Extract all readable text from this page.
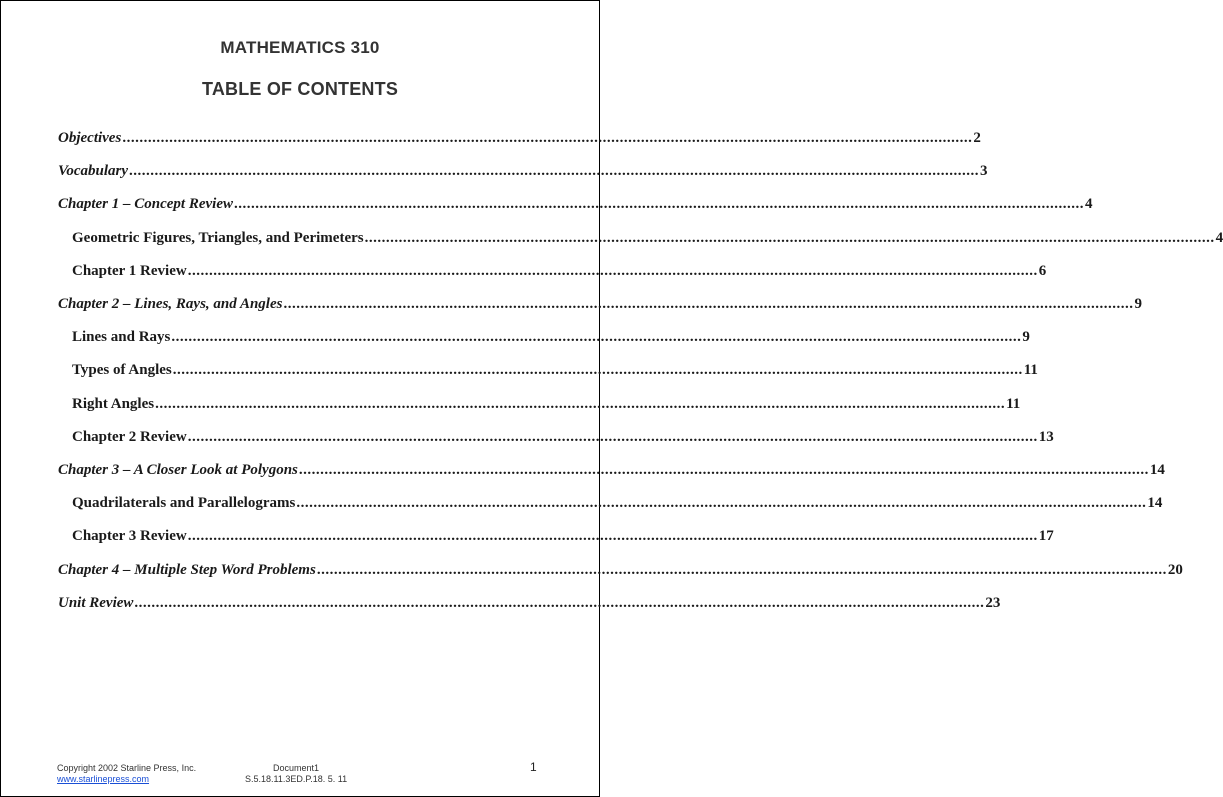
MATHEMATICS 310
TABLE OF CONTENTS
Objectives ........................................................................................................................................................................................................ 2
Vocabulary ........................................................................................................................................................................................................ 3
Chapter 1 – Concept Review ........................................................................................................................................................................................................ 4
Geometric Figures, Triangles, and Perimeters ........................................................................................................................................................................................................ 4
Chapter 1 Review ........................................................................................................................................................................................................ 6
Chapter 2 – Lines, Rays, and Angles ........................................................................................................................................................................................................ 9
Lines and Rays ........................................................................................................................................................................................................ 9
Types of Angles ........................................................................................................................................................................................................ 11
Right Angles ........................................................................................................................................................................................................ 11
Chapter 2 Review ........................................................................................................................................................................................................ 13
Chapter 3 – A Closer Look at Polygons ........................................................................................................................................................................................................ 14
Quadrilaterals and Parallelograms ........................................................................................................................................................................................................ 14
Chapter 3 Review ........................................................................................................................................................................................................ 17
Chapter 4 – Multiple Step Word Problems ........................................................................................................................................................................................................ 20
Unit Review ........................................................................................................................................................................................................ 23
Copyright 2002 Starline Press, Inc.
www.starlinepress.com
Document1
S.5.18.11.3ED.P.18. 5. 11
1
